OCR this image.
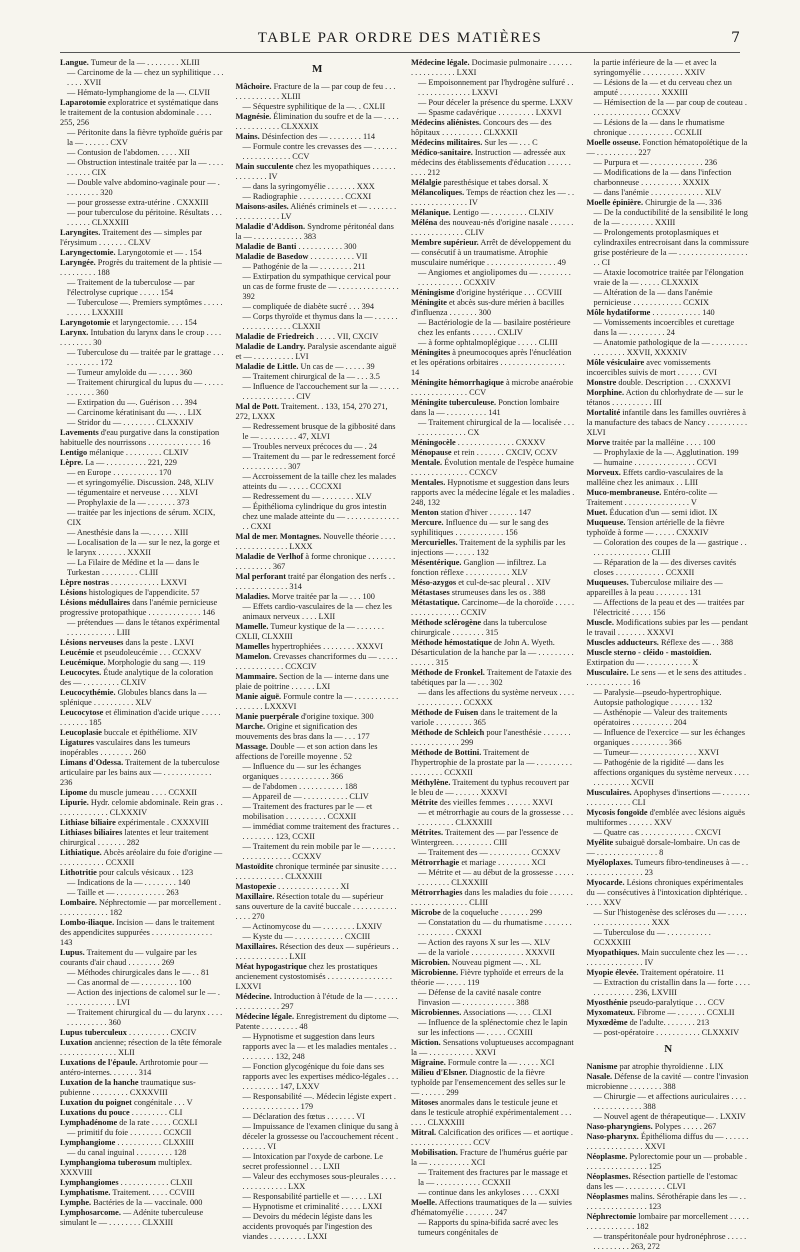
TABLE PAR ORDRE DES MATIÈRES	7

Langue. Tumeur de la — . . . . . . . . XLIII

— Carcinome de la — chez un syphilitique . . . . . . . XVII

— Hémato-lymphangiome de la —. CLVII

Laparotomie exploratrice et systématique dans le traitement de la contusion abdominale . . . . 255, 256

— Péritonite dans la fièvre typhoïde guéris par la — . . . . . . CXV

— Contusion de l'abdomen. . . . . XII

— Obstruction intestinale traitée par la — . . . . . . . . . . CIX

— Double valve abdomino-vaginale pour — . . . . . . . . . 320

— pour grossesse extra-utérine . CXXXIII

— pour tuberculose du péritoine. Résultats . . . . . . . . . CLXXXIII

Laryngites. Traitement des — simples par l'érysimum . . . . . . . CLXV

Laryngectomie. Laryngotomie et — . 154

Laryngée. Progrès du traitement de la phtisie — . . . . . . . . . 188

— Traitement de la tuberculose — par l'électrolyse cuprique . . . . . 154

— Tuberculose —. Premiers symptômes . . . . . . . . . . . LXXXIII

Laryngotomie et laryngectomie. . . . 154

Larynx. Intubation du larynx dans le croup . . . . . . . . . . . . 30

— Tuberculose du — traitée par le grattage . . . . . . . . . . . 172

— Tumeur amyloïde du — . . . . . 360

— Traitement chirurgical du lupus du — . . . . . . . . . . . . 360

— Extirpation du —. Guérison . . . 394

— Carcinome kératinisant du —. . . LIX

— Stridor du — . . . . . . . . CLXXXIV

Lavements d'eau purgative dans la constipation habituelle des nourrissons . . . . . . . . . . . . . 16

Lentigo mélanique . . . . . . . . . CLXIV

Lèpre. La — . . . . . . . . . . 221, 229

— en Europe . . . . . . . . . . . 170

— et syringomyélie. Discussion. 248, XLIV

— tégumentaire et nerveuse . . . . XLVI

— Prophylaxie de la — . . . . . . . 373

— traitée par les injections de sérum. XCIX, CIX

— Anesthésie dans la —. . . . . . XIII

— Localisation de la — sur le nez, la gorge et le larynx . . . . . . . XXXII

— La Filaire de Médine et la — dans le Turkestan . . . . . . . . . CLIII

Lèpre nostras . . . . . . . . . . . . LXXVI

Lésions histologiques de l'appendicite. 57

Lésions médullaires dans l'anémie pernicieuse progressive protopathique . . . . . . . . . . . . . 146

— prétendues — dans le tétanos expérimental . . . . . . . . . . . . LIII

Lésions nerveuses dans la peste . LXVI

Leucémie et pseudoleucémie . . . CCXXV

Leucémique. Morphologie du sang —. 119

Leucocytes. Étude analytique de la coloration des — . . . . . . . . . CLXIV

Leucocythémie. Globules blancs dans la — splénique . . . . . . . . . . XLV

Leucocytose et élimination d'acide urique . . . . . . . . . . . . 185

Leucoplasie buccale et épithéliome. XIV

Ligatures vasculaires dans les tumeurs inopérables . . . . . . . . 260

Limans d'Odessa. Traitement de la tuberculose articulaire par les bains aux — . . . . . . . . . . . . 236

Lipome du muscle jumeau . . . . CCXXII

Lipurie. Hydr. celomie abdominale. Rein gras . . . . . . . . . . . . . . CLXXXIV

Lithiase biliaire expérimentale . CXXXVIII

Lithiases biliaires latentes et leur traitement chirurgical . . . . . . . 282

Lithiatique. Abcès aréolaire du foie d'origine — . . . . . . . . . . . CCXXII

Lithotritie pour calculs vésicaux . . 123

— Indications de la — . . . . . . . . 140

— Taille et — . . . . . . . . . . . . 263

Lombaire. Néphrectomie — par morcellement . . . . . . . . . . . . . 182

Lombo-iliaque. Incision — dans le traitement des appendicites suppurées . . . . . . . . . . . . . . . 143

Lupus. Traitement du — vulgaire par les courants d'air chaud . . . . . . . . 269

— Méthodes chirurgicales dans le — . . 81

— Cas anormal de — . . . . . . . . . 100

— Action des injections de calomel sur le — . . . . . . . . . . . . . LVI

— Traitement chirurgical du — du larynx . . . . . . . . . . . . . . 360

Lupus tuberculeux . . . . . . . . . . CXCIV

Luxation ancienne; résection de la tête fémorale . . . . . . . . . . . . . . XLII

Luxations de l'épaule. Arthrotomie pour — antéro-internes. . . . . . . 314

Luxation de la hanche traumatique sus-pubienne . . . . . . . . . CXXXVIII

Luxation du poignet congénitale . . . V

Luxations du pouce . . . . . . . . . CLI

Lymphadénome de la rate . . . . . CCXLI

— primitif du foie . . . . . . . . CCXCII

Lymphangiome . . . . . . . . . . . CLXXIII

— du canal inguinal . . . . . . . . . 128

Lymphangioma tuberosum multiplex. XXXVIII

Lymphangiomes . . . . . . . . . . . . CLXII

Lymphatisme. Traitement. . . . . CCVIII

Lymphe. Bactéries de la — vaccinale. 000

Lymphosarcome. — Adénite tuberculeuse simulant le — . . . . . . . . CLXXIII

M

Mâchoire. Fracture de la — par coup de feu . . . . . . . . . . . . . . XLIII

— Séquestre syphilitique de la —. . CXLII

Magnésie. Élimination du soufre et de la — . . . . . . . . . . . . . . . CLXXXIX

Mains. Désinfection des — . . . . . . . . 114

— Formule contre les crevasses des — . . . . . . . . . . . . . . . . . . CCV

Main succulente chez les myopathiques . . . . . . . . . . . . . . IV

— dans la syringomyélie . . . . . . . XXX

— Radiographie . . . . . . . . . . . CCXXI

Maisons-asiles. Aliénés criminels et — . . . . . . . . . . . . . . . . . . LV

Maladie d'Addison. Syndrome péritonéal dans la — . . . . . . . . . . . . 383

Maladie de Banti . . . . . . . . . . . 300

Maladie de Basedow . . . . . . . . . . . VII

— Pathogénie de la — . . . . . . . . 211

— Extirpation du sympathique cervical pour un cas de forme fruste de — . . . . . . . . . . . . . . . 392

— compliquée de diabète sucré . . . 394

— Corps thyroïde et thymus dans la — . . . . . . . . . . . . . . . . . . CLXXII

Maladie de Friedreich . . . . . VII, CXCIV

Maladie de Landry. Paralysie ascendante aiguë et — . . . . . . . . . . LVI

Maladie de Little. Un cas de — . . . . . 39

— Traitement chirurgical de la — . . . 3.5

— Influence de l'accouchement sur la — . . . . . . . . . . . . . . . . . . CIV

Mal de Pott. Traitement. . 133, 154, 270 271, 272, LXXX

— Redressement brusque de la gibbosité dans le — . . . . . . . . . 47, XLVI

— Troubles nerveux précoces du — . 24

— Traitement du — par le redressement forcé . . . . . . . . . . . 307

— Accroissement de la taille chez les malades atteints du — . . . . . CCCXXI

— Redressement du — . . . . . . . . XLV

— Épithélioma cylindrique du gros intestin chez une malade atteinte du — . . . . . . . . . . . . . . . CXXI

Mal de mer. Montagnes. Nouvelle théorie . . . . . . . . . . . . . . . . . LXXX

Maladie de Verlhof à forme chronique . . . . . . . . . . . . . . . . 367

Mal perforant traité par élongation des nerfs . . . . . . . . . . . . . . . 314

Maladies. Morve traitée par la — . . . 100

— Effets cardio-vasculaires de la — chez les animaux nerveux . . . . LXII

Mamelle. Tumeur kystique de la — . . . . . . . CXLII, CLXXIII

Mamelles hypertrophiées . . . . . . . . XXXVI

Mamelon. Crevasses chancriformes du — . . . . . . . . . . . . . . . . . CCXCIV

Mammaire. Section de la — interne dans une plaie de poitrine . . . . . . LXI

Manie aiguë. Formule contre la — . . . . . . . . . . . . . . . . . . LXXXVI

Manie puerpérale d'origine toxique. 300

Marche. Origine et signification des mouvements des bras dans la — . . . 177

Massage. Double — et son action dans les affections de l'oreille moyenne . 52

— Influence du — sur les échanges organiques . . . . . . . . . . . . 366

— de l'abdomen . . . . . . . . . . . 188

— Appareil de — . . . . . . . . . . . CLIV

— Traitement des fractures par le — et mobilisation . . . . . . . . . . CCXXII

— immédiat comme traitement des fractures . . . . . . . . . . 123, CCXII

— Traitement du rein mobile par le — . . . . . . . . . . . . . . . . . . CCXXV

Mastoïdite chronique terminée par sinusite . . . . . . . . . . . . . . . . CLXXXIII

Mastopexie . . . . . . . . . . . . . . . XI

Maxillaire. Résection totale du — supérieur sans ouverture de la cavité buccale . . . . . . . . . . . . . . . 270

— Actinomycose du — . . . . . . . . LXXIV

— Kyste du — . . . . . . . . . . . . CXCIII

Maxillaires. Résection des deux — supérieurs . . . . . . . . . . . . . . . LXII

Méat hypogastrique chez les prostatiques ancienement cystostomisés . . . . . . . . . . . . . . . . LXXVI

Médecine. Introduction à l'étude de la — . . . . . . . . . . . . . . . . . 297

Médecine légale. Enregistrement du diptome —. Patente . . . . . . . . . 48

— Hypnotisme et suggestion dans leurs rapports avec la — et les maladies mentales . . . . . . . . . . 132, 248

— Fonction glycogénique du foie dans ses rapports avec les expertises médico-légales . . . . . . . . . . . . 147, LXXV

— Responsabilité —. Médecin légiste expert . . . . . . . . . . . . . . . 179

— Déclaration des fœtus . . . . . . . VI

— Impuissance de l'examen clinique du sang à déceler la grossesse ou l'accouchement récent . . . . . . . VI

— Intoxication par l'oxyde de carbone. Le secret professionnel . . . LXII

— Valeur des ecchymoses sous-pleurales . . . . . . . . . . . . . . . LXX

— Responsabilité partielle et — . . . . LXI

— Hypnotisme et criminalité . . . . . LXXI

— Devoirs du médecin légiste dans les accidents provoqués par l'ingestion des viandes . . . . . . . . . LXXI

Médecine légale. Docimasie pulmonaire . . . . . . . . . . . . . . . . . LXXI

— Empoisonnement par l'hydrogène sulfuré . . . . . . . . . . . . . . . LXXVI

— Pour déceler la présence du sperme. LXXV

— Spasme cadavérique . . . . . . . . . LXXVI

Médecins aliénistes. Concours des — des hôpitaux . . . . . . . . . . CLXXXII

Médecins militaires. Sur les — . . . C

Médico-sanitaire. Instruction — adressée aux médecins des établissements d'éducation . . . . . . . . . . 212

Mélalgie paresthésique et tabes dorsal. X

Mélancoliques. Temps de réaction chez les — . . . . . . . . . . . . . . . . IV

Mélanique. Lentigo — . . . . . . . . . CLXIV

Méléna des nouveau-nés d'origine nasale . . . . . . . . . . . . . . . . . . . CLIV

Membre supérieur. Arrêt de développement du — consécutif à un traumatisme. Atrophie musculaire numérique . . . . . . . . . . . . . . . . . 49

— Angiomes et angiolipomes du — . . . . . . . . . . . . . . . . . . . CCXXIV

Méningisme d'origine hystérique . . . CCVIII

Méningite et abcès sus-dure mérien à bacilles d'influenza . . . . . . . 300

— Bactériologie de la — basilaire postérieure chez les enfants . . . . . . CXLIV

— à forme ophtalmoplégique . . . . . CLIII

Méningites à pneumocoques après l'énucléation et les opérations orbitaires . . . . . . . . . . . . . . . . 14

Méningite hémorrhagique à microbe anaérobie . . . . . . . . . . . . . . CCV

Méningite tuberculeuse. Ponction lombaire dans la — . . . . . . . . . . 141

— Traitement chirurgical de la — localisée . . . . . . . . . . . . . . . CX

Méningocèle . . . . . . . . . . . . . . CXXXV

Ménopause et rein . . . . . . . CXCIV, CCXV

Mentale. Évolution mentale de l'espèce humaine . . . . . . . . . . . . . . CCXCV

Mentales. Hypnotisme et suggestion dans leurs rapports avec la médecine légale et les maladies . 248, 132

Menton station d'hiver . . . . . . . 147

Mercure. Influence du — sur le sang des syphilitiques . . . . . . . . . . . . 156

Mercurielles. Traitement de la syphilis par les injections — . . . . . 132

Mésentérique. Ganglion — infiltrez. La fonction réflexe . . . . . . . . . . . XLV

Méso-azygos et cul-de-sac pleural . . XIV

Métastases strumeuses dans les os . 388

Métastatique. Carcinome—de la choroïde . . . . . . . . . . . . . . . . . CCXIV

Méthode sclérogène dans la tuberculose chirurgicale . . . . . . . . 315

Méthode hémostatique de John A. Wyeth. Désarticulation de la hanche par la — . . . . . . . . . . . . . . . 315

Méthode de Fronkel. Traitement de l'ataxie des tabétiques par la — . . . 302

— dans les affections du système nerveux . . . . . . . . . . . . . . . CCXXX

Méthode de Fuisen dans le traitement de la variole . . . . . . . . . 365

Méthode de Schleich pour l'anesthésie . . . . . . . . . . . . . . . . . . . 299

Méthode de Bottini. Traitement de l'hypertrophie de la prostate par la — . . . . . . . . . . . . . . . . . CCXXII

Méthylène. Traitement du typhus recouvert par le bleu de — . . . . . . XXXVI

Métrite des vieilles femmes . . . . . . XXVI

— et métrorrhagie au cours de la grossesse . . . . . . . . . . . . CLXXXIII

Métrites. Traitement des — par l'essence de Wintergreen. . . . . . . . . . CIII

— Traitement des — . . . . . . . . . . CCXXV

Métrorrhagie et mariage . . . . . . . . XCI

— Métrite et — au début de la grossesse . . . . . . . . . . . . . CLXXXIII

Métrorrhagies dans les maladies du foie . . . . . . . . . . . . . . . . . . . . CLIII

Microbe de la coqueluche . . . . . . . 299

— Constatation du — du rhumatisme . . . . . . . . . . . . . . . . CXXXI

— Action des rayons X sur les —. XLV

— de la variole . . . . . . . . . . . . . XXXVII

Microbien. Nouveau pigment —. . XL

Microbienne. Fièvre typhoïde et erreurs de la théorie — . . . . . 119

— Défense de la cavité nasale contre l'invasion — . . . . . . . . . . . . . 388

Microbiennes. Associations —. . . . CLXI

— Influence de la splénectomie chez le lapin sur les infections — . . . . . CCXIII

Miction. Sensations voluptueuses accompagnant la — . . . . . . . . . . . XXVI

Migraine. Formule contre la — . . . . . XCI

Milieu d'Elsner. Diagnostic de la fièvre typhoïde par l'ensemencement des selles sur le — . . . . . . 299

Mitoses anormales dans le testicule jeune et dans le testicule atrophié expérimentalement . . . . . . . CLXXXIII

Mitral. Calcification des orifices — et aortique . . . . . . . . . . . . . . . . CCV

Mobilisation. Fracture de l'humérus guérie par la — . . . . . . . . . . XCI

— Traitement des fractures par le massage et la — . . . . . . . . . . . CCXXII

— continue dans les ankyloses . . . . CXXI

Moelle. Affections traumatiques de la — suivies d'hématomyélie . . . . . . . 247

— Rapports du spina-bifida sacré avec les tumeurs congénitales de

la partie inférieure de la — et avec la syringomyélie . . . . . . . . . . XXIV

— Lésions de la — et du cerveau chez un amputé . . . . . . . . . . XXXIII

— Hémisection de la — par coup de couteau . . . . . . . . . . . . . . . CCXXV

— Lésions de la — dans le rhumatisme chronique . . . . . . . . . . . CCXLII

Moelle osseuse. Fonction hématopoïétique de la — . . . . . . . . . . 227

— Purpura et — . . . . . . . . . . . . . 236

— Modifications de la — dans l'infection charbonneuse . . . . . . . . . . XXXIX

— dans l'anémie . . . . . . . . . . . . . XLV

Moelle épinière. Chirurgie de la —. 336

— De la conductibilité de la sensibilité le long de la — . . . . . . . . XXIII

— Prolongements protoplasmiques et cylindraxiles entrecroisant dans la commissure grise postérieure de la — . . . . . . . . . . . . . . . . . . . CI

— Ataxie locomotrice traitée par l'élongation vraie de la — . . . . . CLXXXIX

— Altération de la — dans l'anémie pernicieuse . . . . . . . . . . . . CCXIX

Môle hydatiforme . . . . . . . . . . . . 140

— Vomissements incoercibles et curettage dans la — . . . . . . . . . 24

— Anatomie pathologique de la — . . . . . . . . . . . . . . . . . XXVII, XXXXIV

Môle vésiculaire avec vomissements incoercibles suivis de mort . . . . . . CVI

Monstre double. Description . . . CXXXVI

Morphine. Action du chlorhydrate de — sur le tétanos . . . . . . . . . . III

Mortalité infantile dans les familles ouvrières à la manufacture des tabacs de Nancy . . . . . . . . . . XLVI

Morve traitée par la malléine . . . . 100

— Prophylaxie de la —. Agglutination. 199

— humaine . . . . . . . . . . . . . . . CCVI

Morveux. Effets cardio-vasculaires de la malléine chez les animaux . . LIII

Muco-membraneuse. Entéro-colite — Traitement . . . . . . . . . . . . . . . . V

Muet. Éducation d'un — semi idiot. IX

Muqueuse. Tension artérielle de la fièvre typhoïde à forme — . . . . . CXXXIV

— Coloration des coupes de la — gastrique . . . . . . . . . . . . . . . . CLIII

— Réparation de la — des diverses cavités closes . . . . . . . . . . . . CCXXII

Muqueuses. Tuberculose miliaire des — appareilles à la peau . . . . . . . . 131

— Affections de la peau et des — traitées par l'électricité . . . . . 156

Muscle. Modifications subies par les — pendant le travail . . . . . . . XXXVI

Muscles adducteurs. Réflexe des — . . 388

Muscle sterno - cléido - mastoïdien. Extirpation du — . . . . . . . . . . . X

Musculaire. Le sens — et le sens des attitudes . . . . . . . . . . . . 16

— Paralysie—pseudo-hypertrophique. Autopsie pathologique . . . . . . . 132

— Asthénopie — Valeur des traitements opératoires . . . . . . . . . . 204

— Influence de l'exercice — sur les échanges organiques . . . . . . . . . 366

— Tumeur— . . . . . . . . . . . . . . XXVI

— Pathogénie de la rigidité — dans les affections organiques du système nerveux . . . . . . . . . . . . . XCVII

Musculaires. Apophyses d'insertions — . . . . . . . . . . . . . . . . . . CLI

Mycosis fongoïde d'emblée avec lésions aiguës multiformes . . . . . . XXV

— Quatre cas . . . . . . . . . . . . . CXCVI

Myélite subaiguë dorsale-lombaire. Un cas de — . . . . . . . . . . . . . . . 8

Myéloplaxes. Tumeurs fibro-tendineuses à — . . . . . . . . . . . . . . . . 23

Myocarde. Lésions chroniques expérimentales du — consécutives à l'intoxication diphtérique. . . . . . XXV

— Sur l'histogenèse des scléroses du — . . . . . . . . . . . . . . . . . . . XXX

— Tuberculose du — . . . . . . . . . . . CCXXXIII

Myopathiques. Main succulente chez les — . . . . . . . . . . . . . . . . . IV

Myopie élevée. Traitement opératoire. 11

— Extraction du cristallin dans la — forte . . . . . . . . . . . . . . 236, LXVIII

Myosthénie pseudo-paralytique . . . CCV

Myxomateux. Fibrome — . . . . . . . CCXLII

Myxœdème de l'adulte. . . . . . . . 213

— post-opératoire . . . . . . . . . . . CLXXXIV

N

Nanisme par atrophie thyroïdienne . LIX

Nasale. Défense de la cavité — contre l'invasion microbienne . . . . . . . . 388

— Chirurgie — et affections auriculaires . . . . . . . . . . . . . . . . 388

— Nouvel agent de thérapeutique— . LXXIV

Naso-pharyngiens. Polypes . . . . . 267

Naso-pharynx. Épithélioma diffus du — . . . . . . . . . . . . . . . . . . . . XXVI

Néoplasme. Pylorectomie pour un — probable . . . . . . . . . . . . . . . . 125

Néoplasmes. Résection partielle de l'estomac dans les — . . . . . . . . . . CLVI

Néoplasmes malins. Sérothérapie dans les — . . . . . . . . . . . . . . . . . 123

Néphrectomie lombaire par morcellement . . . . . . . . . . . . . . . . . 182

— transpéritonéale pour hydronéphrose . . . . . . . . . . . . . . 263, 272
